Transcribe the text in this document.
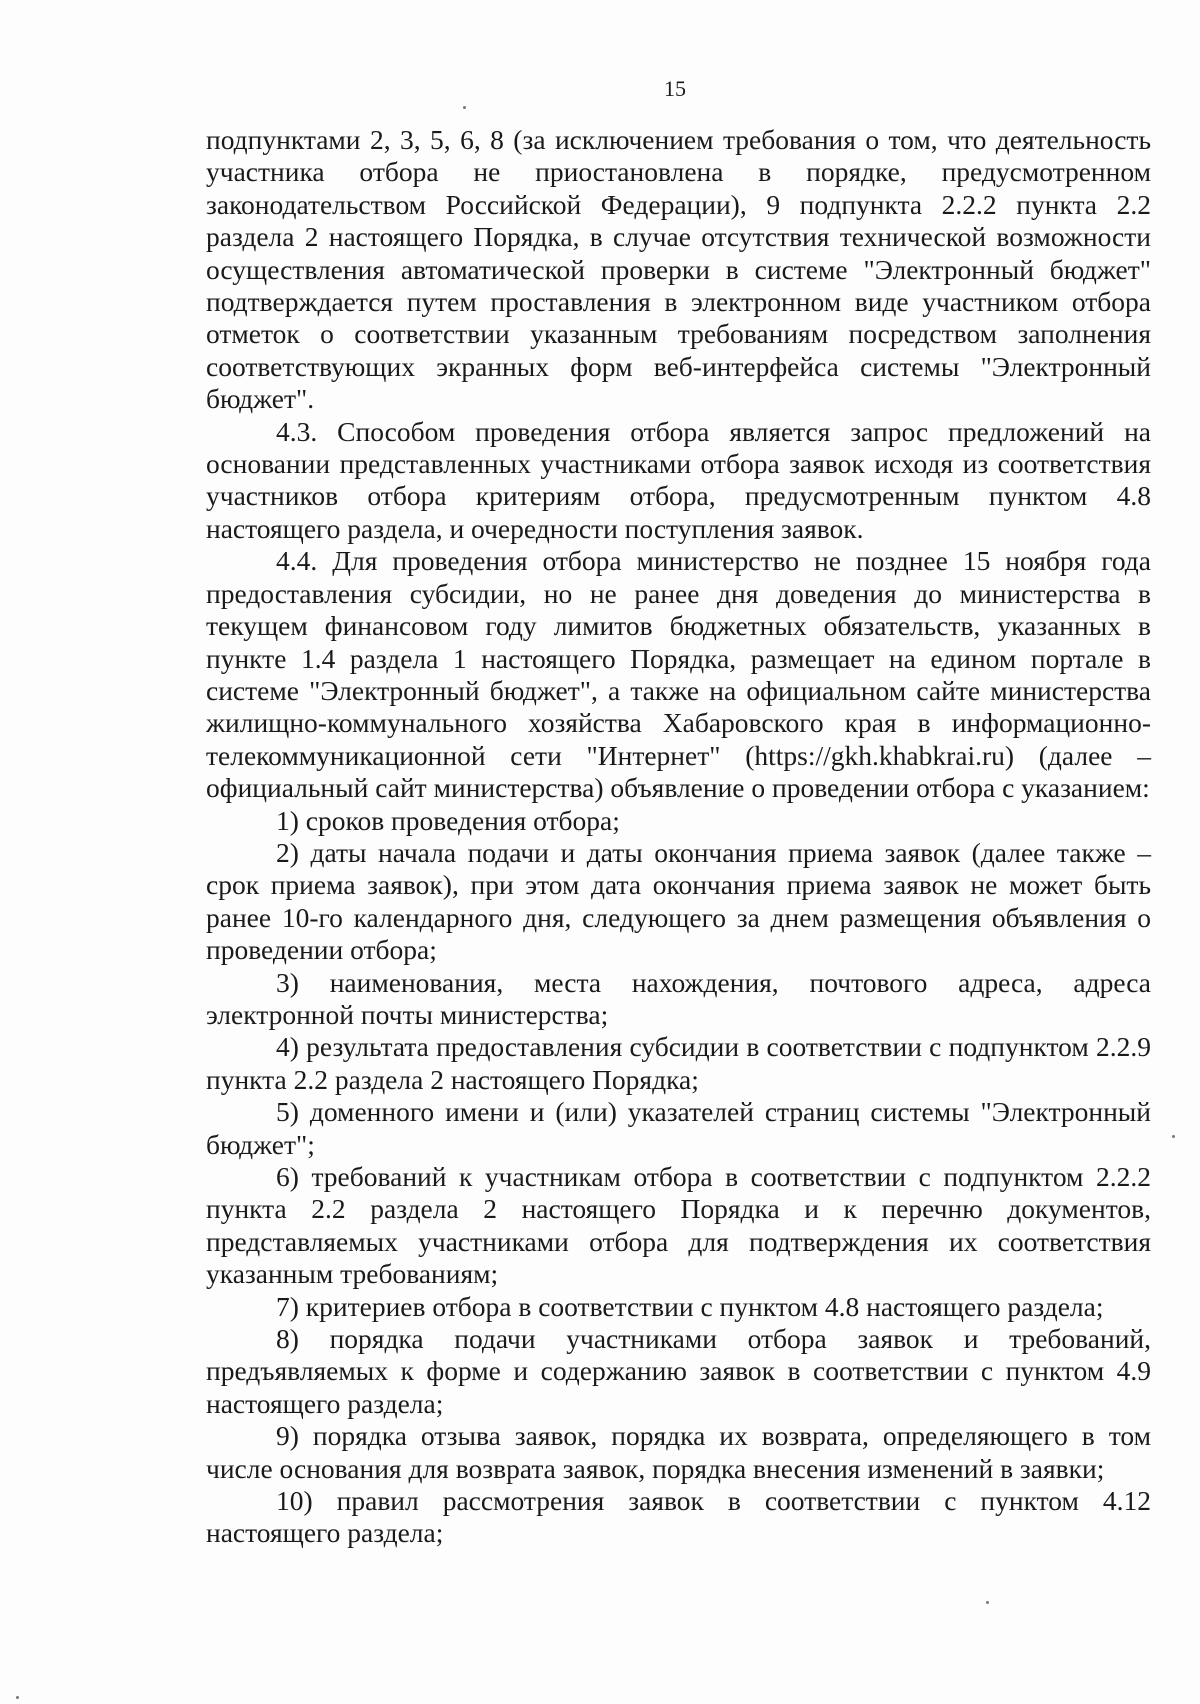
15

подпунктами 2, 3, 5, 6, 8 (за исключением требования о том, что деятельность участника отбора не приостановлена в порядке, предусмотренном законодательством Российской Федерации), 9 подпункта 2.2.2 пункта 2.2 раздела 2 настоящего Порядка, в случае отсутствия технической возможности осуществления автоматической проверки в системе "Электронный бюджет" подтверждается путем проставления в электронном виде участником отбора отметок о соответствии указанным требованиям посредством заполнения соответствующих экранных форм веб-интерфейса системы "Электронный бюджет".

4.3. Способом проведения отбора является запрос предложений на основании представленных участниками отбора заявок исходя из соответствия участников отбора критериям отбора, предусмотренным пунктом 4.8 настоящего раздела, и очередности поступления заявок.

4.4. Для проведения отбора министерство не позднее 15 ноября года предоставления субсидии, но не ранее дня доведения до министерства в текущем финансовом году лимитов бюджетных обязательств, указанных в пункте 1.4 раздела 1 настоящего Порядка, размещает на едином портале в системе "Электронный бюджет", а также на официальном сайте министерства жилищно-коммунального хозяйства Хабаровского края в информационно-телекоммуникационной сети "Интернет" (https://gkh.khabkrai.ru) (далее – официальный сайт министерства) объявление о проведении отбора с указанием:

1) сроков проведения отбора;

2) даты начала подачи и даты окончания приема заявок (далее также – срок приема заявок), при этом дата окончания приема заявок не может быть ранее 10-го календарного дня, следующего за днем размещения объявления о проведении отбора;

3) наименования, места нахождения, почтового адреса, адреса электронной почты министерства;

4) результата предоставления субсидии в соответствии с подпунктом 2.2.9 пункта 2.2 раздела 2 настоящего Порядка;

5) доменного имени и (или) указателей страниц системы "Электронный бюджет";

6) требований к участникам отбора в соответствии с подпунктом 2.2.2 пункта 2.2 раздела 2 настоящего Порядка и к перечню документов, представляемых участниками отбора для подтверждения их соответствия указанным требованиям;

7) критериев отбора в соответствии с пунктом 4.8 настоящего раздела;

8) порядка подачи участниками отбора заявок и требований, предъявляемых к форме и содержанию заявок в соответствии с пунктом 4.9 настоящего раздела;

9) порядка отзыва заявок, порядка их возврата, определяющего в том числе основания для возврата заявок, порядка внесения изменений в заявки;

10) правил рассмотрения заявок в соответствии с пунктом 4.12 настоящего раздела;
